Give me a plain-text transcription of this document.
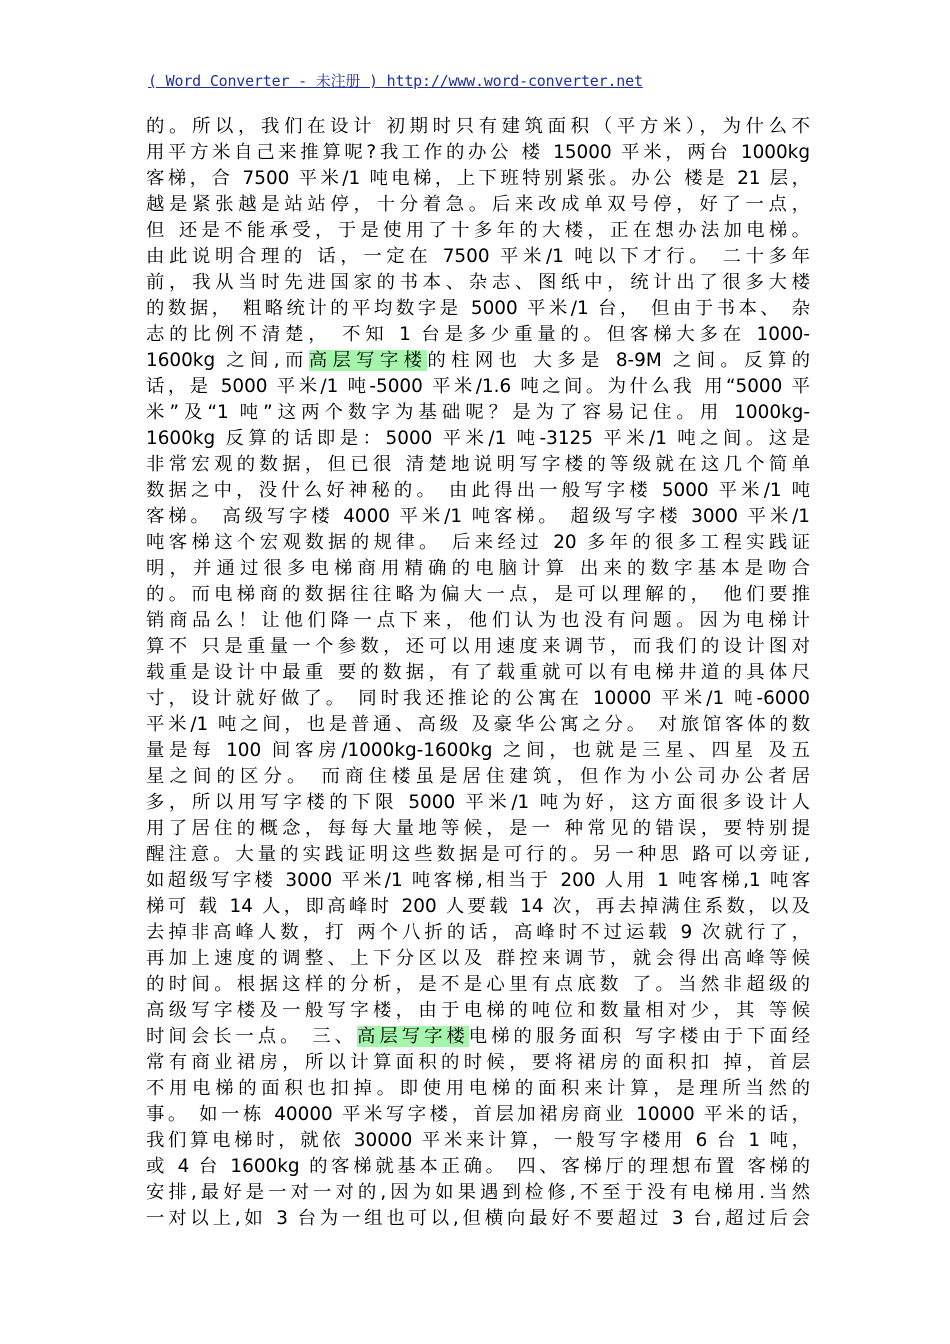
( Word Converter - 未注册 ) http://www.word-converter.net
的。所以，我们在设计 初期时只有建筑面积（平方米），为什么不
用平方米自己来推算呢?我工作的办公 楼 15000 平米，两台 1000kg
客梯，合 7500 平米/1 吨电梯，上下班特别紧张。办公 楼是 21 层，
越是紧张越是站站停，十分着急。后来改成单双号停，好了一点，
但 还是不能承受，于是使用了十多年的大楼，正在想办法加电梯。
由此说明合理的 话，一定在 7500 平米/1 吨以下才行。 二十多年
前，我从当时先进国家的书本、杂志、图纸中，统计出了很多大楼
的数据， 粗略统计的平均数字是 5000 平米/1 台， 但由于书本、 杂
志的比例不清楚， 不知 1 台是多少重量的。但客梯大多在 1000-
1600kg 之间,而高层写字楼的柱网也 大多是 8-9M 之间。反算的
话，是 5000 平米/1 吨-5000 平米/1.6 吨之间。为什么我 用“5000 平
米”及“1 吨”这两个数字为基础呢？是为了容易记住。用 1000kg-
1600kg 反算的话即是：5000 平米/1 吨-3125 平米/1 吨之间。这是
非常宏观的数据，但已很 清楚地说明写字楼的等级就在这几个简单
数据之中，没什么好神秘的。 由此得出一般写字楼 5000 平米/1 吨
客梯。 高级写字楼 4000 平米/1 吨客梯。 超级写字楼 3000 平米/1
吨客梯这个宏观数据的规律。 后来经过 20 多年的很多工程实践证
明，并通过很多电梯商用精确的电脑计算 出来的数字基本是吻合
的。而电梯商的数据往往略为偏大一点，是可以理解的， 他们要推
销商品么！让他们降一点下来，他们认为也没有问题。因为电梯计
算不 只是重量一个参数，还可以用速度来调节，而我们的设计图对
载重是设计中最重 要的数据，有了载重就可以有电梯井道的具体尺
寸，设计就好做了。 同时我还推论的公寓在 10000 平米/1 吨-6000
平米/1 吨之间，也是普通、高级 及豪华公寓之分。 对旅馆客体的数
量是每 100 间客房/1000kg-1600kg 之间，也就是三星、四星 及五
星之间的区分。 而商住楼虽是居住建筑，但作为小公司办公者居
多，所以用写字楼的下限 5000 平米/1 吨为好，这方面很多设计人
用了居住的概念，每每大量地等候，是一 种常见的错误，要特别提
醒注意。大量的实践证明这些数据是可行的。另一种思 路可以旁证,
如超级写字楼 3000 平米/1 吨客梯,相当于 200 人用 1 吨客梯,1 吨客
梯可 载 14 人，即高峰时 200 人要载 14 次，再去掉满住系数，以及
去掉非高峰人数，打 两个八折的话，高峰时不过运载 9 次就行了，
再加上速度的调整、上下分区以及 群控来调节，就会得出高峰等候
的时间。根据这样的分析，是不是心里有点底数 了。当然非超级的
高级写字楼及一般写字楼，由于电梯的吨位和数量相对少，其 等候
时间会长一点。 三、高层写字楼电梯的服务面积 写字楼由于下面经
常有商业裙房，所以计算面积的时候，要将裙房的面积扣 掉，首层
不用电梯的面积也扣掉。即使用电梯的面积来计算，是理所当然的
事。 如一栋 40000 平米写字楼，首层加裙房商业 10000 平米的话，
我们算电梯时，就依 30000 平米来计算，一般写字楼用 6 台 1 吨，
或 4 台 1600kg 的客梯就基本正确。 四、客梯厅的理想布置 客梯的
安排,最好是一对一对的,因为如果遇到检修,不至于没有电梯用.当然
一对以上,如 3 台为一组也可以,但横向最好不要超过 3 台,超过后会
